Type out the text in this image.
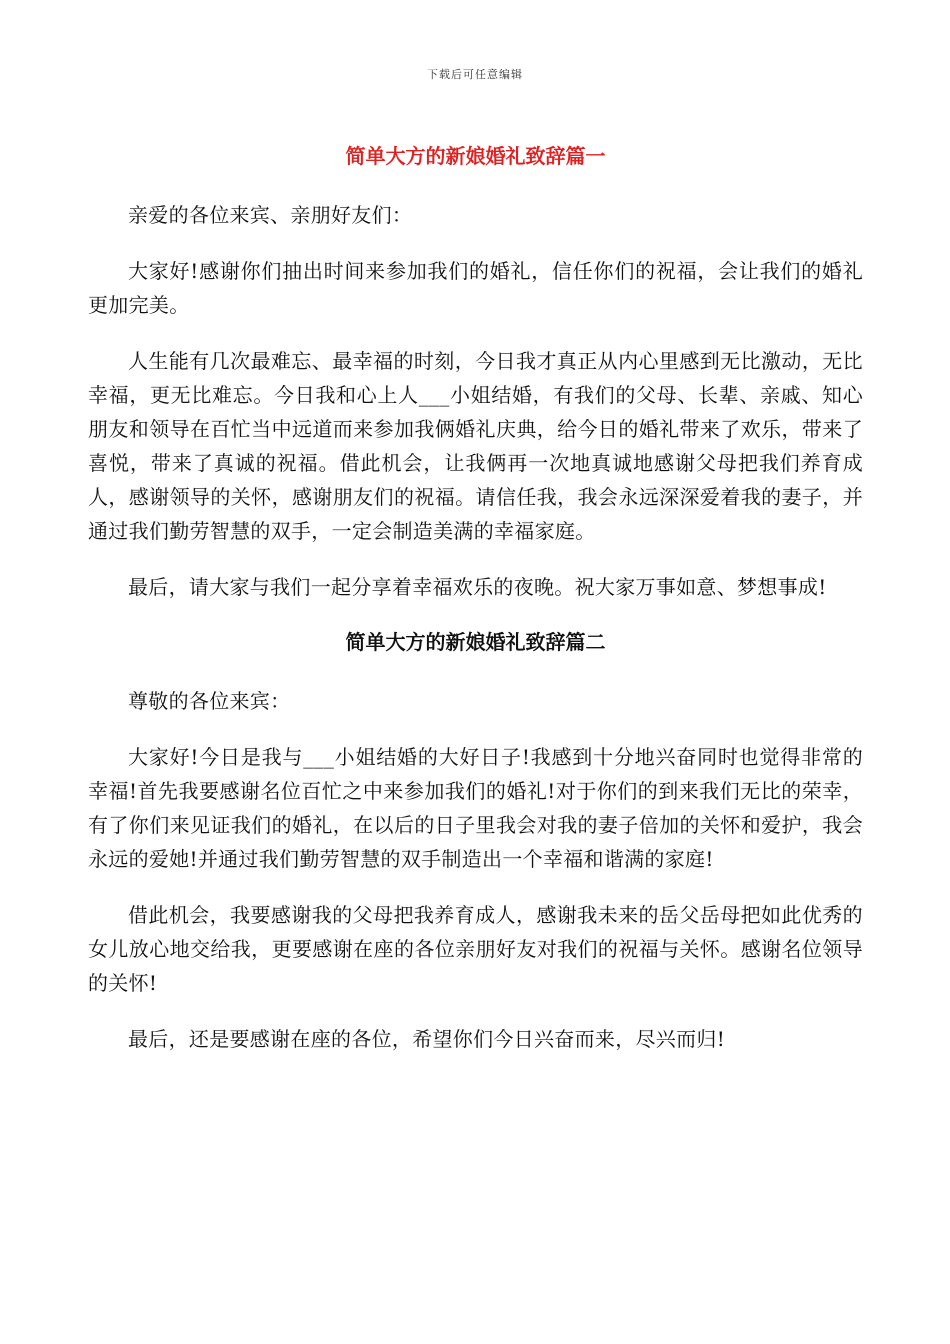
下载后可任意编辑
简单大方的新娘婚礼致辞篇一

亲爱的各位来宾、亲朋好友们：

大家好!感谢你们抽出时间来参加我们的婚礼，信任你们的祝福，会让我们的婚礼更加完美。

人生能有几次最难忘、最幸福的时刻，今日我才真正从内心里感到无比激动，无比幸福，更无比难忘。今日我和心上人___小姐结婚，有我们的父母、长辈、亲戚、知心朋友和领导在百忙当中远道而来参加我俩婚礼庆典，给今日的婚礼带来了欢乐，带来了喜悦，带来了真诚的祝福。借此机会，让我俩再一次地真诚地感谢父母把我们养育成人，感谢领导的关怀，感谢朋友们的祝福。请信任我，我会永远深深爱着我的妻子，并通过我们勤劳智慧的双手，一定会制造美满的幸福家庭。

最后，请大家与我们一起分享着幸福欢乐的夜晚。祝大家万事如意、梦想事成!

简单大方的新娘婚礼致辞篇二

尊敬的各位来宾：

大家好!今日是我与___小姐结婚的大好日子!我感到十分地兴奋同时也觉得非常的幸福!首先我要感谢名位百忙之中来参加我们的婚礼!对于你们的到来我们无比的荣幸，有了你们来见证我们的婚礼，在以后的日子里我会对我的妻子倍加的关怀和爱护，我会永远的爱她!并通过我们勤劳智慧的双手制造出一个幸福和谐满的家庭!

借此机会，我要感谢我的父母把我养育成人，感谢我未来的岳父岳母把如此优秀的女儿放心地交给我，更要感谢在座的各位亲朋好友对我们的祝福与关怀。感谢名位领导的关怀!

最后，还是要感谢在座的各位，希望你们今日兴奋而来，尽兴而归!
